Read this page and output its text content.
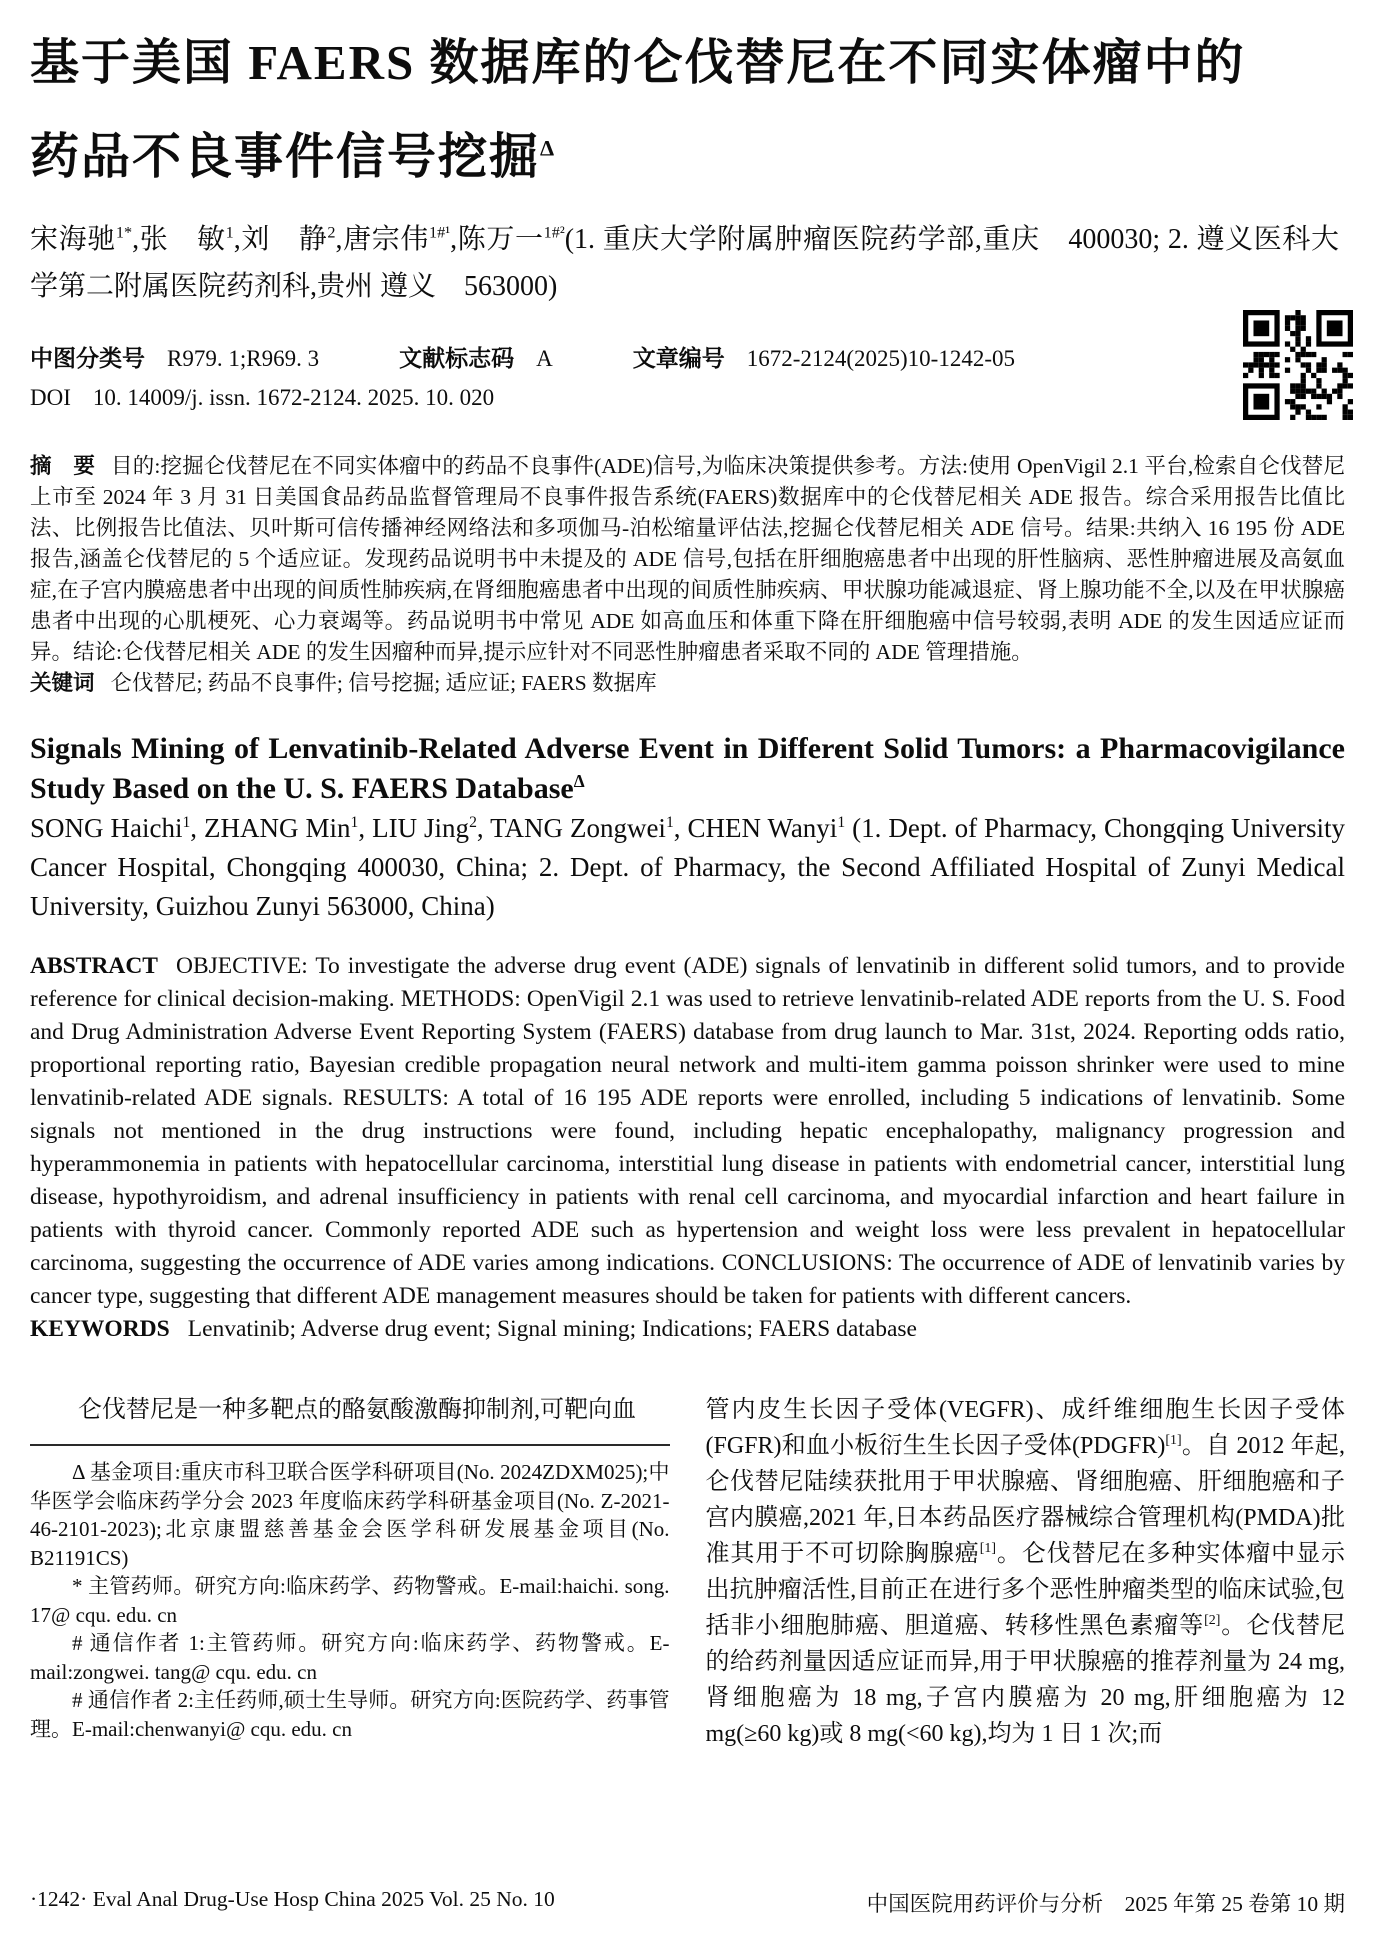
基于美国 FAERS 数据库的仑伐替尼在不同实体瘤中的
药品不良事件信号挖掘$^\Delta$

宋海驰$^{1*}$,张　敏$^1$,刘　静$^2$,唐宗伟$^{1\#^1}$,陈万一$^{1\#^2}$(1. 重庆大学附属肿瘤医院药学部,重庆　400030; 2. 遵义医科大学第二附属医院药剂科,贵州 遵义　563000)

中图分类号 R979. 1;R969. 3	文献标志码 A	文章编号 1672-2124(2025)10-1242-05

DOI 10. 14009/j. issn. 1672-2124. 2025. 10. 020

摘　要 目的:挖掘仑伐替尼在不同实体瘤中的药品不良事件(ADE)信号,为临床决策提供参考。方法:使用 OpenVigil 2.1 平台,检索自仑伐替尼上市至 2024 年 3 月 31 日美国食品药品监督管理局不良事件报告系统(FAERS)数据库中的仑伐替尼相关 ADE 报告。综合采用报告比值比法、比例报告比值法、贝叶斯可信传播神经网络法和多项伽马-泊松缩量评估法,挖掘仑伐替尼相关 ADE 信号。结果:共纳入 16 195 份 ADE 报告,涵盖仑伐替尼的 5 个适应证。发现药品说明书中未提及的 ADE 信号,包括在肝细胞癌患者中出现的肝性脑病、恶性肿瘤进展及高氨血症,在子宫内膜癌患者中出现的间质性肺疾病,在肾细胞癌患者中出现的间质性肺疾病、甲状腺功能减退症、肾上腺功能不全,以及在甲状腺癌患者中出现的心肌梗死、心力衰竭等。药品说明书中常见 ADE 如高血压和体重下降在肝细胞癌中信号较弱,表明 ADE 的发生因适应证而异。结论:仑伐替尼相关 ADE 的发生因瘤种而异,提示应针对不同恶性肿瘤患者采取不同的 ADE 管理措施。

关键词 仑伐替尼; 药品不良事件; 信号挖掘; 适应证; FAERS 数据库

Signals Mining of Lenvatinib-Related Adverse Event in Different Solid Tumors: a Pharmacovigilance Study Based on the U. S. FAERS Database$^\Delta$

SONG Haichi$^1$, ZHANG Min$^1$, LIU Jing$^2$, TANG Zongwei$^1$, CHEN Wanyi$^1$ (1. Dept. of Pharmacy, Chongqing University Cancer Hospital, Chongqing 400030, China; 2. Dept. of Pharmacy, the Second Affiliated Hospital of Zunyi Medical University, Guizhou Zunyi 563000, China)

ABSTRACT OBJECTIVE: To investigate the adverse drug event (ADE) signals of lenvatinib in different solid tumors, and to provide reference for clinical decision-making. METHODS: OpenVigil 2.1 was used to retrieve lenvatinib-related ADE reports from the U. S. Food and Drug Administration Adverse Event Reporting System (FAERS) database from drug launch to Mar. 31st, 2024. Reporting odds ratio, proportional reporting ratio, Bayesian credible propagation neural network and multi-item gamma poisson shrinker were used to mine lenvatinib-related ADE signals. RESULTS: A total of 16 195 ADE reports were enrolled, including 5 indications of lenvatinib. Some signals not mentioned in the drug instructions were found, including hepatic encephalopathy, malignancy progression and hyperammonemia in patients with hepatocellular carcinoma, interstitial lung disease in patients with endometrial cancer, interstitial lung disease, hypothyroidism, and adrenal insufficiency in patients with renal cell carcinoma, and myocardial infarction and heart failure in patients with thyroid cancer. Commonly reported ADE such as hypertension and weight loss were less prevalent in hepatocellular carcinoma, suggesting the occurrence of ADE varies among indications. CONCLUSIONS: The occurrence of ADE of lenvatinib varies by cancer type, suggesting that different ADE management measures should be taken for patients with different cancers.

KEYWORDS Lenvatinib; Adverse drug event; Signal mining; Indications; FAERS database

仑伐替尼是一种多靶点的酪氨酸激酶抑制剂,可靶向血

Δ 基金项目:重庆市科卫联合医学科研项目(No. 2024ZDXM025);中华医学会临床药学分会 2023 年度临床药学科研基金项目(No. Z-2021-46-2101-2023);北京康盟慈善基金会医学科研发展基金项目(No. B21191CS)

* 主管药师。研究方向:临床药学、药物警戒。E-mail:haichi. song. 17@ cqu. edu. cn

# 通信作者 1:主管药师。研究方向:临床药学、药物警戒。E-mail:zongwei. tang@ cqu. edu. cn

# 通信作者 2:主任药师,硕士生导师。研究方向:医院药学、药事管理。E-mail:chenwanyi@ cqu. edu. cn

管内皮生长因子受体(VEGFR)、成纤维细胞生长因子受体(FGFR)和血小板衍生生长因子受体(PDGFR)[1]。自 2012 年起,仑伐替尼陆续获批用于甲状腺癌、肾细胞癌、肝细胞癌和子宫内膜癌,2021 年,日本药品医疗器械综合管理机构(PMDA)批准其用于不可切除胸腺癌[1]。仑伐替尼在多种实体瘤中显示出抗肿瘤活性,目前正在进行多个恶性肿瘤类型的临床试验,包括非小细胞肺癌、胆道癌、转移性黑色素瘤等[2]。仑伐替尼的给药剂量因适应证而异,用于甲状腺癌的推荐剂量为 24 mg,肾细胞癌为 18 mg,子宫内膜癌为 20 mg,肝细胞癌为 12 mg(≥60 kg)或 8 mg(<60 kg),均为 1 日 1 次;而

·1242· Eval Anal Drug-Use Hosp China 2025 Vol. 25 No. 10	中国医院用药评价与分析　2025 年第 25 卷第 10 期
